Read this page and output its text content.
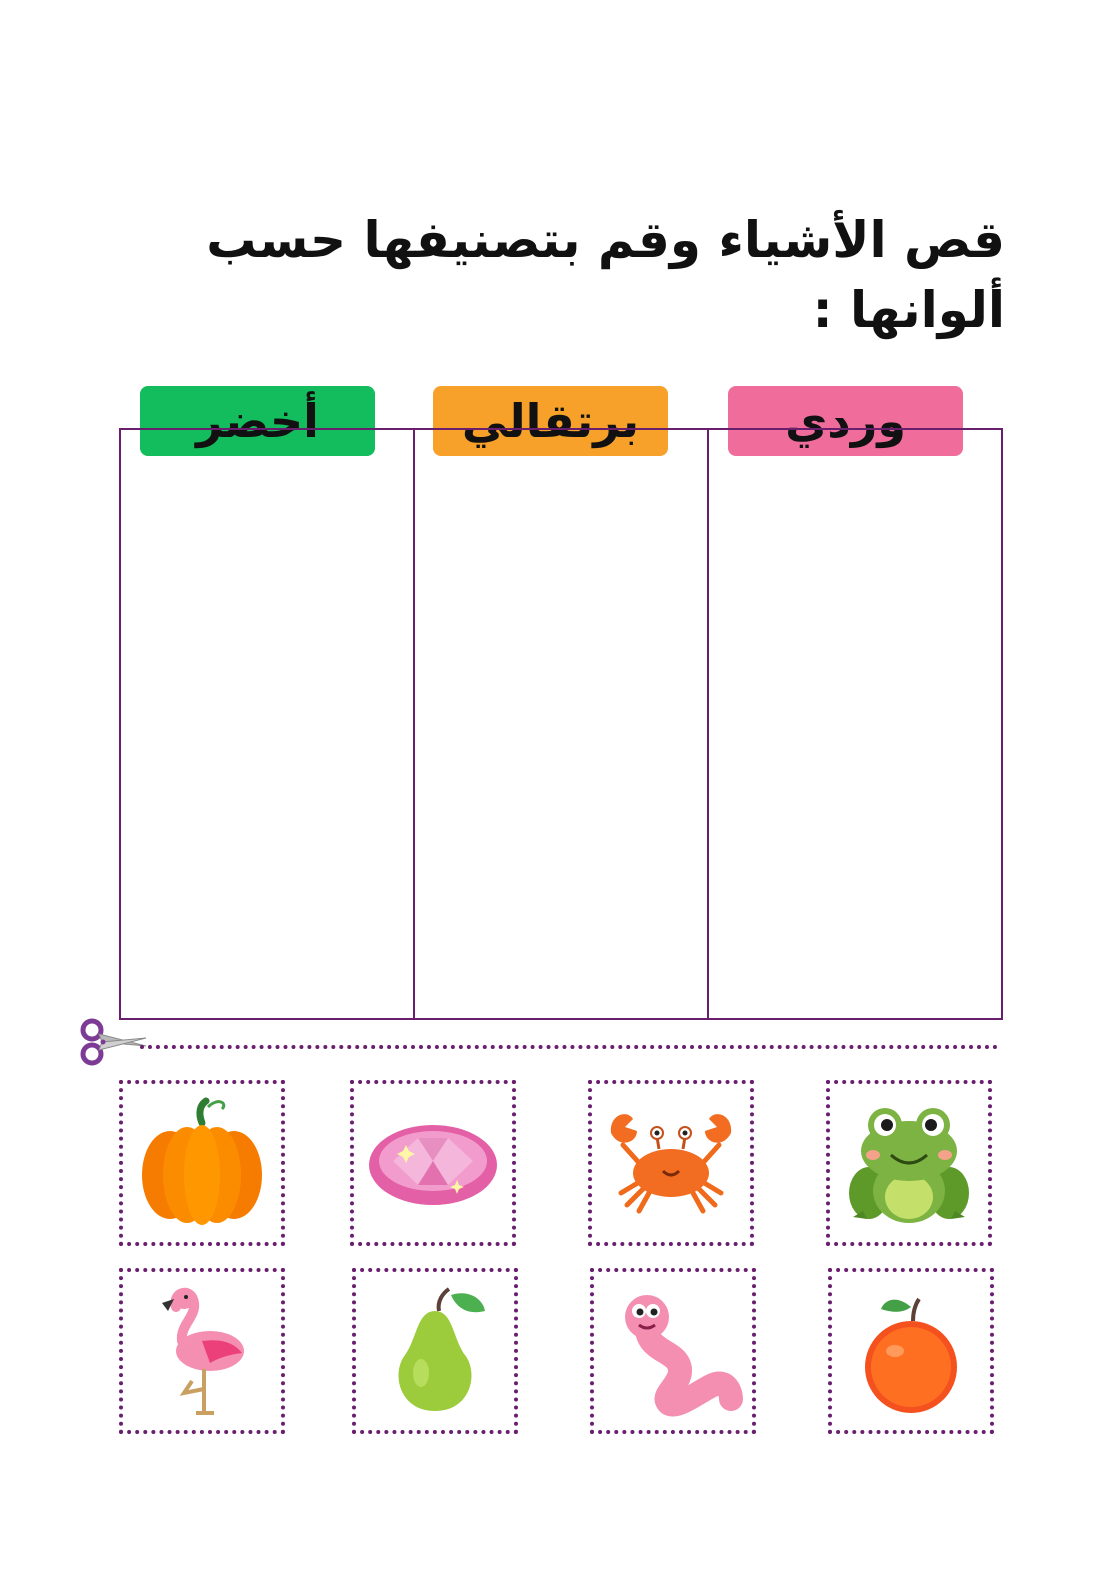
قص الأشياء وقم بتصنيفها حسب ألوانها :
أخضر	برتقالي	وردي
